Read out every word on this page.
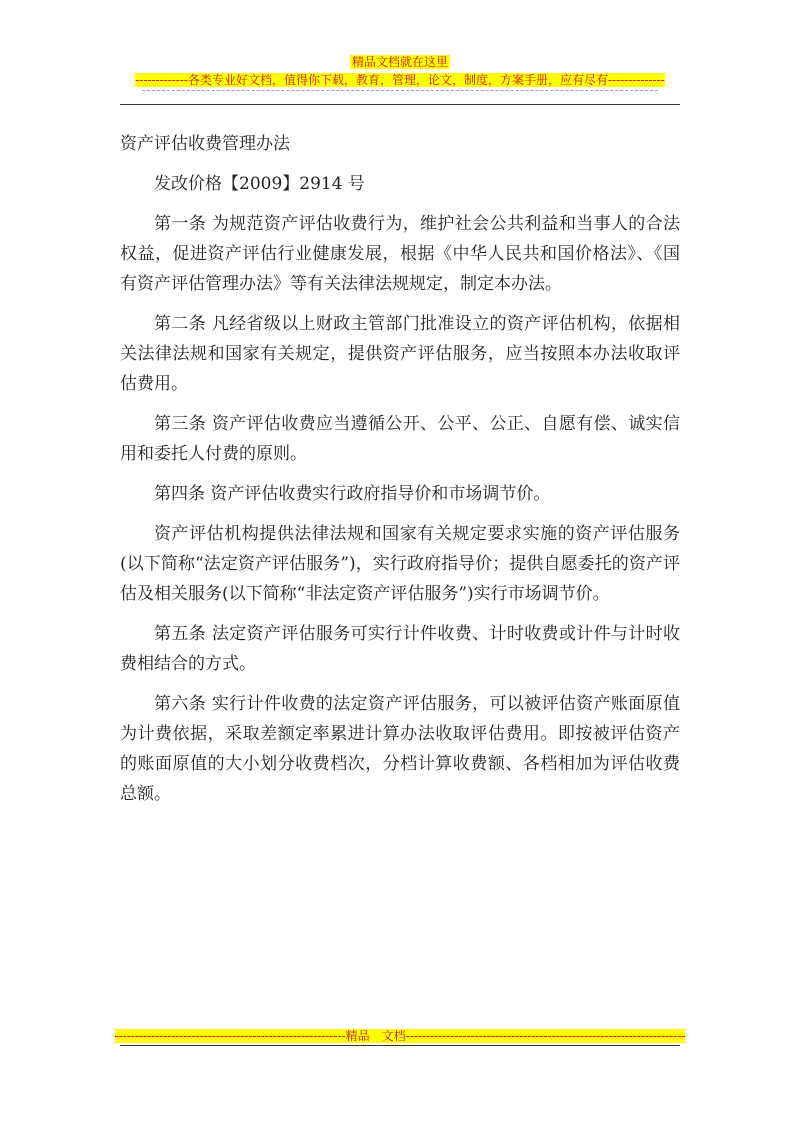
精品文档就在这里
-------------各类专业好文档，值得你下载，教育，管理，论文，制度，方案手册，应有尽有--------------

资产评估收费管理办法

发改价格【2009】2914 号

第一条 为规范资产评估收费行为，维护社会公共利益和当事人的合法权益，促进资产评估行业健康发展，根据《中华人民共和国价格法》、《国有资产评估管理办法》等有关法律法规规定，制定本办法。

第二条 凡经省级以上财政主管部门批准设立的资产评估机构，依据相关法律法规和国家有关规定，提供资产评估服务，应当按照本办法收取评估费用。

第三条 资产评估收费应当遵循公开、公平、公正、自愿有偿、诚实信用和委托人付费的原则。

第四条 资产评估收费实行政府指导价和市场调节价。

资产评估机构提供法律法规和国家有关规定要求实施的资产评估服务(以下简称“法定资产评估服务”)，实行政府指导价；提供自愿委托的资产评估及相关服务(以下简称“非法定资产评估服务”)实行市场调节价。

第五条 法定资产评估服务可实行计件收费、计时收费或计件与计时收费相结合的方式。

第六条 实行计件收费的法定资产评估服务，可以被评估资产账面原值为计费依据，采取差额定率累进计算办法收取评估费用。即按被评估资产的账面原值的大小划分收费档次，分档计算收费额、各档相加为评估收费总额。

---------------------------------------------------------精品　文档---------------------------------------------------------------------
